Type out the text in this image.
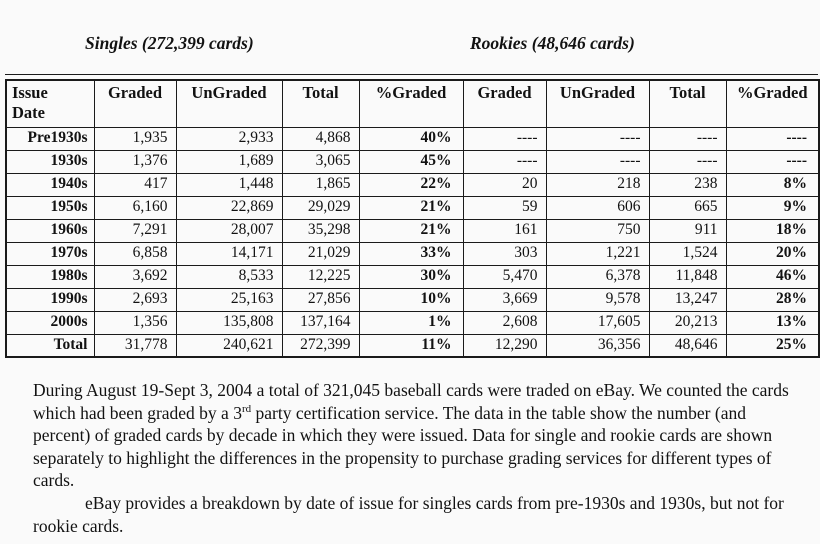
Singles (272,399 cards)	Rookies (48,646 cards)
Issue
Date	Graded	UnGraded	Total	%Graded	Graded	UnGraded	Total	%Graded
Pre1930s	1,935	2,933	4,868	40%	----	----	----	----
1930s	1,376	1,689	3,065	45%	----	----	----	----
1940s	417	1,448	1,865	22%	20	218	238	8%
1950s	6,160	22,869	29,029	21%	59	606	665	9%
1960s	7,291	28,007	35,298	21%	161	750	911	18%
1970s	6,858	14,171	21,029	33%	303	1,221	1,524	20%
1980s	3,692	8,533	12,225	30%	5,470	6,378	11,848	46%
1990s	2,693	25,163	27,856	10%	3,669	9,578	13,247	28%
2000s	1,356	135,808	137,164	1%	2,608	17,605	20,213	13%
Total	31,778	240,621	272,399	11%	12,290	36,356	48,646	25%

During August 19-Sept 3, 2004 a total of 321,045 baseball cards were traded on eBay. We counted the cards which had been graded by a 3rd party certification service. The data in the table show the number (and percent) of graded cards by decade in which they were issued. Data for single and rookie cards are shown separately to highlight the differences in the propensity to purchase grading services for different types of cards.

eBay provides a breakdown by date of issue for singles cards from pre-1930s and 1930s, but not for rookie cards.
